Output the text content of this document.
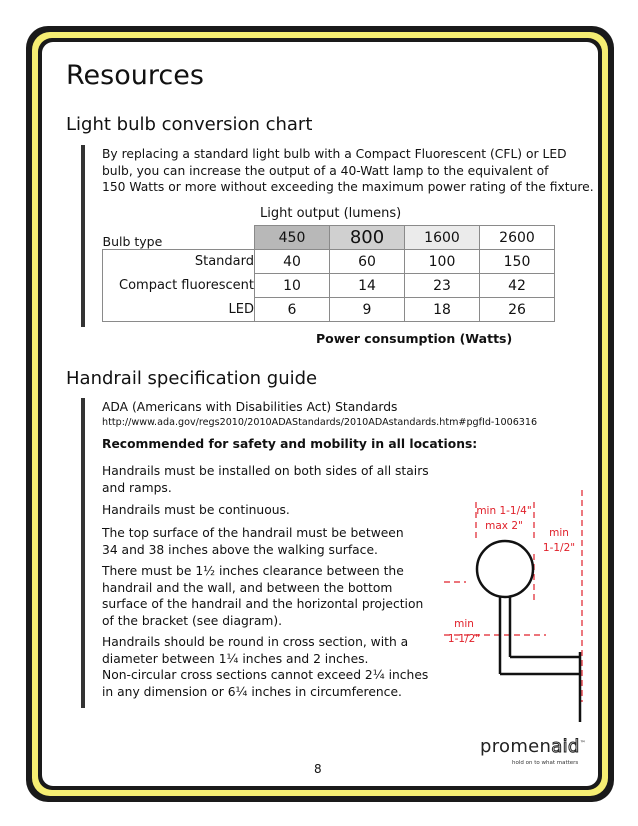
Resources
Light bulb conversion chart
By replacing a standard light bulb with a Compact Fluorescent (CFL) or LED
bulb, you can increase the output of a 40-Watt lamp to the equivalent of
150 Watts or more without exceeding the maximum power rating of the fixture.
Light output (lumens)
Bulb type	450	800	1600	2600
Standard	40	60	100	150
Compact fluorescent	10	14	23	42
LED	6	9	18	26
Power consumption (Watts)
Handrail specification guide
ADA (Americans with Disabilities Act) Standards
http://www.ada.gov/regs2010/2010ADAStandards/2010ADAstandards.htm#pgfId-1006316
Recommended for safety and mobility in all locations:
Handrails must be installed on both sides of all stairs
and ramps.
Handrails must be continuous.
The top surface of the handrail must be between
34 and 38 inches above the walking surface.
There must be 1½ inches clearance between the
handrail and the wall, and between the bottom
surface of the handrail and the horizontal projection
of the bracket (see diagram).
Handrails should be round in cross section, with a
diameter between 1¼ inches and 2 inches.
Non-circular cross sections cannot exceed 2¼ inches
in any dimension or 6¼ inches in circumference.
min 1-1/4"
max 2"
min
1-1/2"
min
1-1/2"
promenaid™
hold on to what matters
8
